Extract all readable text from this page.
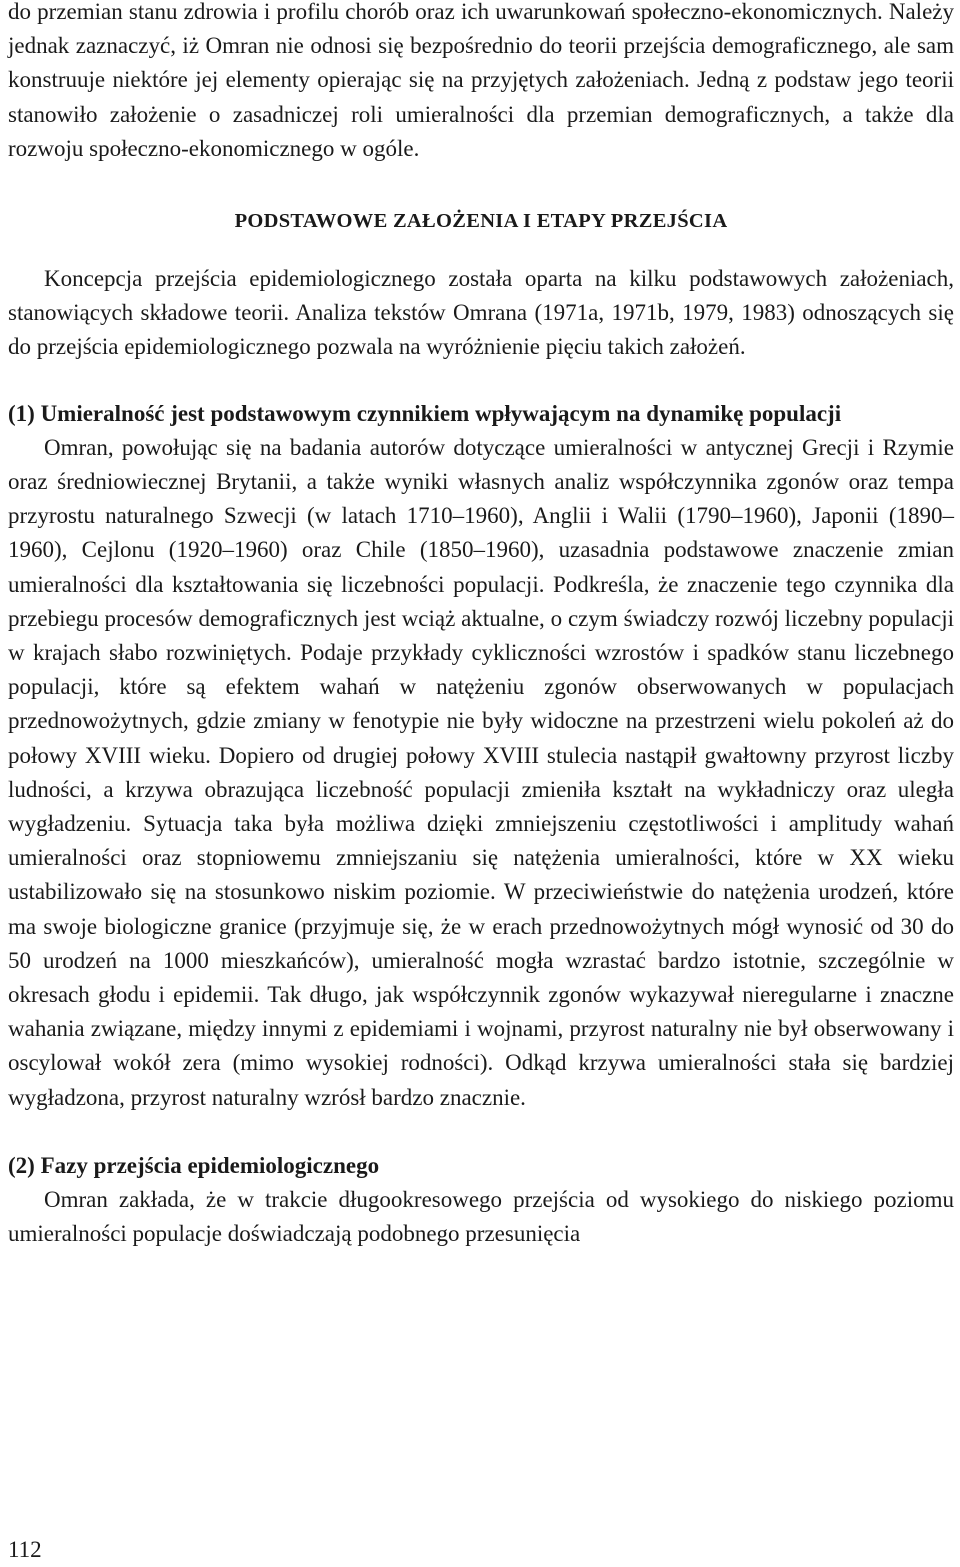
do przemian stanu zdrowia i profilu chorób oraz ich uwarunkowań społeczno-ekonomicznych. Należy jednak zaznaczyć, iż Omran nie odnosi się bezpośrednio do teorii przejścia demograficznego, ale sam konstruuje niektóre jej elementy opierając się na przyjętych założeniach. Jedną z podstaw jego teorii stanowiło założenie o zasadniczej roli umieralności dla przemian demograficznych, a także dla rozwoju społeczno-ekonomicznego w ogóle.

PODSTAWOWE ZAŁOŻENIA I ETAPY PRZEJŚCIA

Koncepcja przejścia epidemiologicznego została oparta na kilku podstawowych założeniach, stanowiących składowe teorii. Analiza tekstów Omrana (1971a, 1971b, 1979, 1983) odnoszących się do przejścia epidemiologicznego pozwala na wyróżnienie pięciu takich założeń.

(1) Umieralność jest podstawowym czynnikiem wpływającym na dynamikę populacji

Omran, powołując się na badania autorów dotyczące umieralności w antycznej Grecji i Rzymie oraz średniowiecznej Brytanii, a także wyniki własnych analiz współczynnika zgonów oraz tempa przyrostu naturalnego Szwecji (w latach 1710–1960), Anglii i Walii (1790–1960), Japonii (1890–1960), Cejlonu (1920–1960) oraz Chile (1850–1960), uzasadnia podstawowe znaczenie zmian umieralności dla kształtowania się liczebności populacji. Podkreśla, że znaczenie tego czynnika dla przebiegu procesów demograficznych jest wciąż aktualne, o czym świadczy rozwój liczebny populacji w krajach słabo rozwiniętych. Podaje przykłady cykliczności wzrostów i spadków stanu liczebnego populacji, które są efektem wahań w natężeniu zgonów obserwowanych w populacjach przednowożytnych, gdzie zmiany w fenotypie nie były widoczne na przestrzeni wielu pokoleń aż do połowy XVIII wieku. Dopiero od drugiej połowy XVIII stulecia nastąpił gwałtowny przyrost liczby ludności, a krzywa obrazująca liczebność populacji zmieniła kształt na wykładniczy oraz uległa wygładzeniu. Sytuacja taka była możliwa dzięki zmniejszeniu częstotliwości i amplitudy wahań umieralności oraz stopniowemu zmniejszaniu się natężenia umieralności, które w XX wieku ustabilizowało się na stosunkowo niskim poziomie. W przeciwieństwie do natężenia urodzeń, które ma swoje biologiczne granice (przyjmuje się, że w erach przednowożytnych mógł wynosić od 30 do 50 urodzeń na 1000 mieszkańców), umieralność mogła wzrastać bardzo istotnie, szczególnie w okresach głodu i epidemii. Tak długo, jak współczynnik zgonów wykazywał nieregularne i znaczne wahania związane, między innymi z epidemiami i wojnami, przyrost naturalny nie był obserwowany i oscylował wokół zera (mimo wysokiej rodności). Odkąd krzywa umieralności stała się bardziej wygładzona, przyrost naturalny wzrósł bardzo znacznie.

(2) Fazy przejścia epidemiologicznego

Omran zakłada, że w trakcie długookresowego przejścia od wysokiego do niskiego poziomu umieralności populacje doświadczają podobnego przesunięcia

112
